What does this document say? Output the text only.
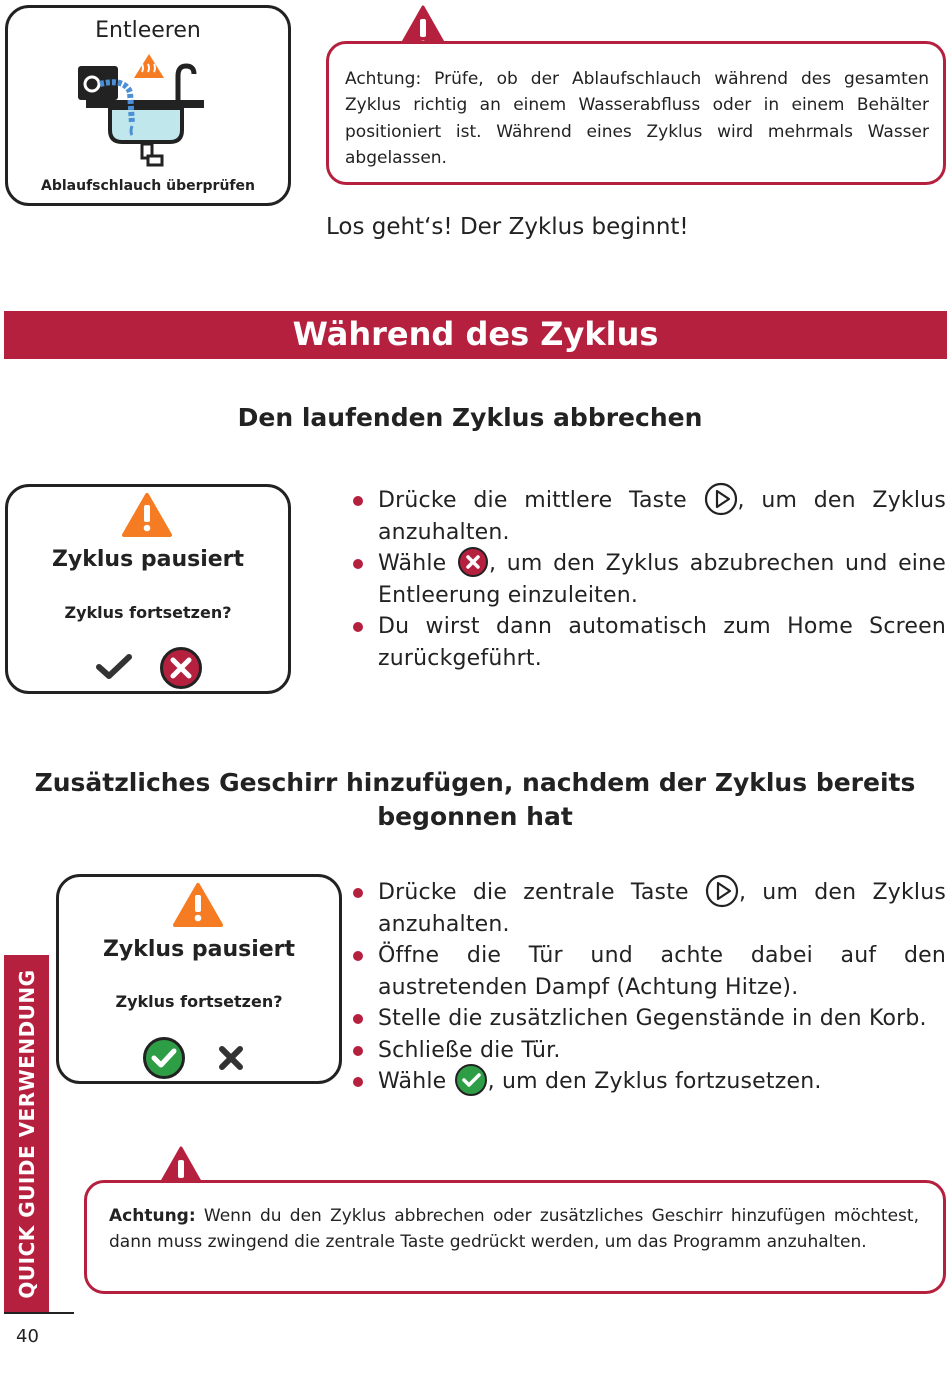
Entleeren
Ablaufschlauch überprüfen
Achtung: Prüfe, ob der Ablaufschlauch während des gesamten Zyklus richtig an einem Wasserabfluss oder in einem Behälter positioniert ist. Während eines Zyklus wird mehrmals Wasser abgelassen.
Los geht‘s! Der Zyklus beginnt!
Während des Zyklus
Den laufenden Zyklus abbrechen
Zyklus pausiert
Zyklus fortsetzen?
Drücke die mittlere Taste , um den Zyklus anzuhalten.
Wähle , um den Zyklus abzubrechen und eine Entleerung einzuleiten.
Du wirst dann automatisch zum Home Screen zurückgeführt.
Zusätzliches Geschirr hinzufügen, nachdem der Zyklus bereits
begonnen hat
Zyklus pausiert
Zyklus fortsetzen?
Drücke die zentrale Taste , um den Zyklus anzuhalten.
Öffne die Tür und achte dabei auf den austretenden Dampf (Achtung Hitze).
Stelle die zusätzlichen Gegenstände in den Korb.
Schließe die Tür.
Wähle , um den Zyklus fortzusetzen.
Achtung: Wenn du den Zyklus abbrechen oder zusätzliches Geschirr hinzufügen möchtest, dann muss zwingend die zentrale Taste gedrückt werden, um das Programm anzuhalten.
QUICK GUIDE VERWENDUNG
40
